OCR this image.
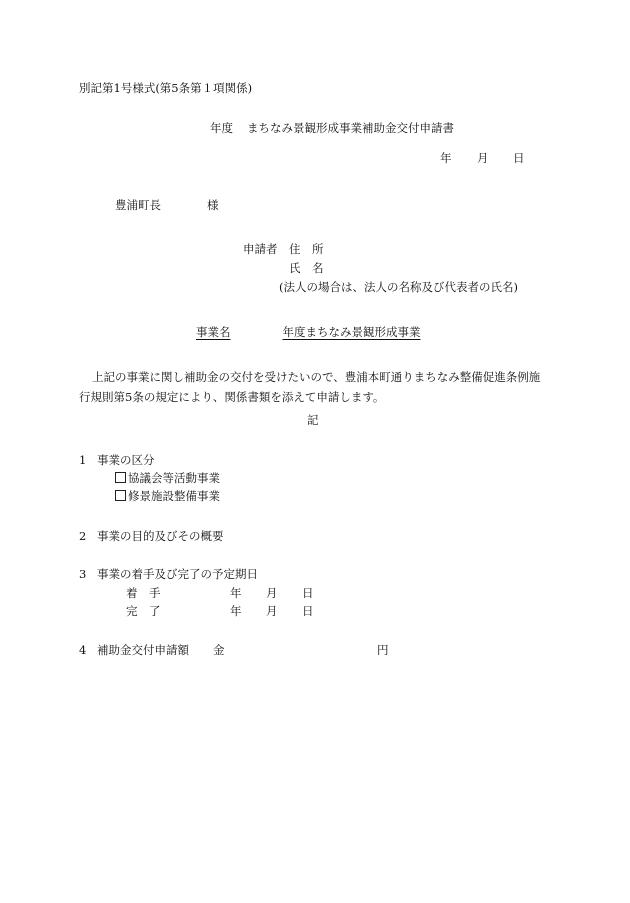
別記第1号様式(第5条第１項関係)
年度 まちなみ景観形成事業補助金交付申請書
年 月 日
豊浦町長	様
申請者 住　所
氏　名
(法人の場合は、法人の名称及び代表者の氏名)
事業名	年度まちなみ景観形成事業
上記の事業に関し補助金の交付を受けたいので、豊浦本町通りまちなみ整備促進条例施
行規則第5条の規定により、関係書類を添えて申請します。
記
1 事業の区分
協議会等活動事業
修景施設整備事業
2 事業の目的及びその概要
3 事業の着手及び完了の予定期日
着　手	年 月 日
完　了	年 月 日
4 補助金交付申請額 金	円
